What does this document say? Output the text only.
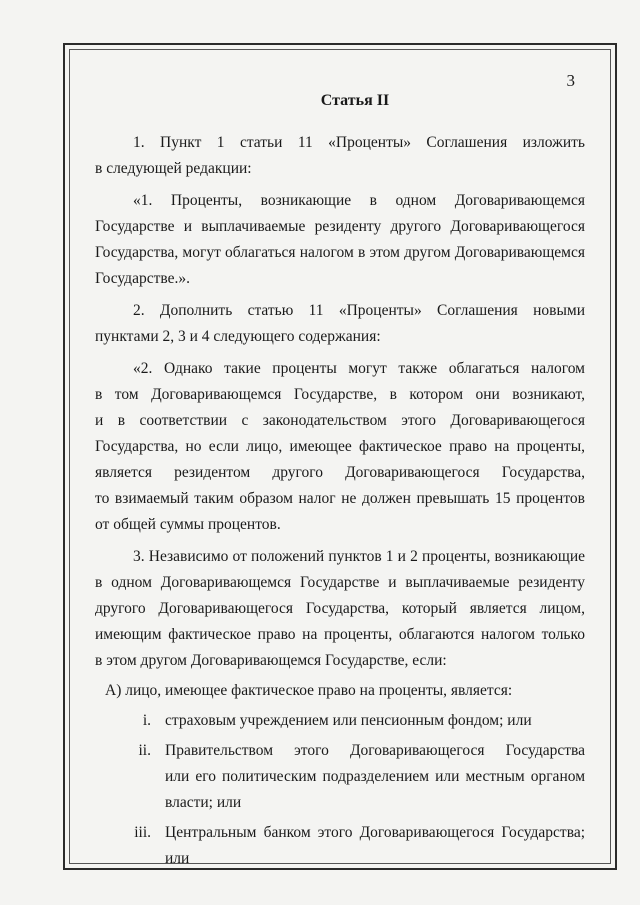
3
Статья II

1. Пункт 1 статьи 11 «Проценты» Соглашения изложить

в следующей редакции:

«1. Проценты, возникающие в одном Договаривающемся

Государстве и выплачиваемые резиденту другого Договаривающегося

Государства, могут облагаться налогом в этом другом Договаривающемся

Государстве.».

2. Дополнить статью 11 «Проценты» Соглашения новыми

пунктами 2, 3 и 4 следующего содержания:

«2. Однако такие проценты могут также облагаться налогом

в том Договаривающемся Государстве, в котором они возникают,

и в соответствии с законодательством этого Договаривающегося

Государства, но если лицо, имеющее фактическое право на проценты,

является резидентом другого Договаривающегося Государства,

то взимаемый таким образом налог не должен превышать 15 процентов

от общей суммы процентов.

3. Независимо от положений пунктов 1 и 2 проценты, возникающие

в одном Договаривающемся Государстве и выплачиваемые резиденту

другого Договаривающегося Государства, который является лицом,

имеющим фактическое право на проценты, облагаются налогом только

в этом другом Договаривающемся Государстве, если:

А) лицо, имеющее фактическое право на проценты, является:

i. страховым учреждением или пенсионным фондом; или

ii. Правительством этого Договаривающегося Государства

или его политическим подразделением или местным органом

власти; или

iii. Центральным банком этого Договаривающегося Государства;

или
